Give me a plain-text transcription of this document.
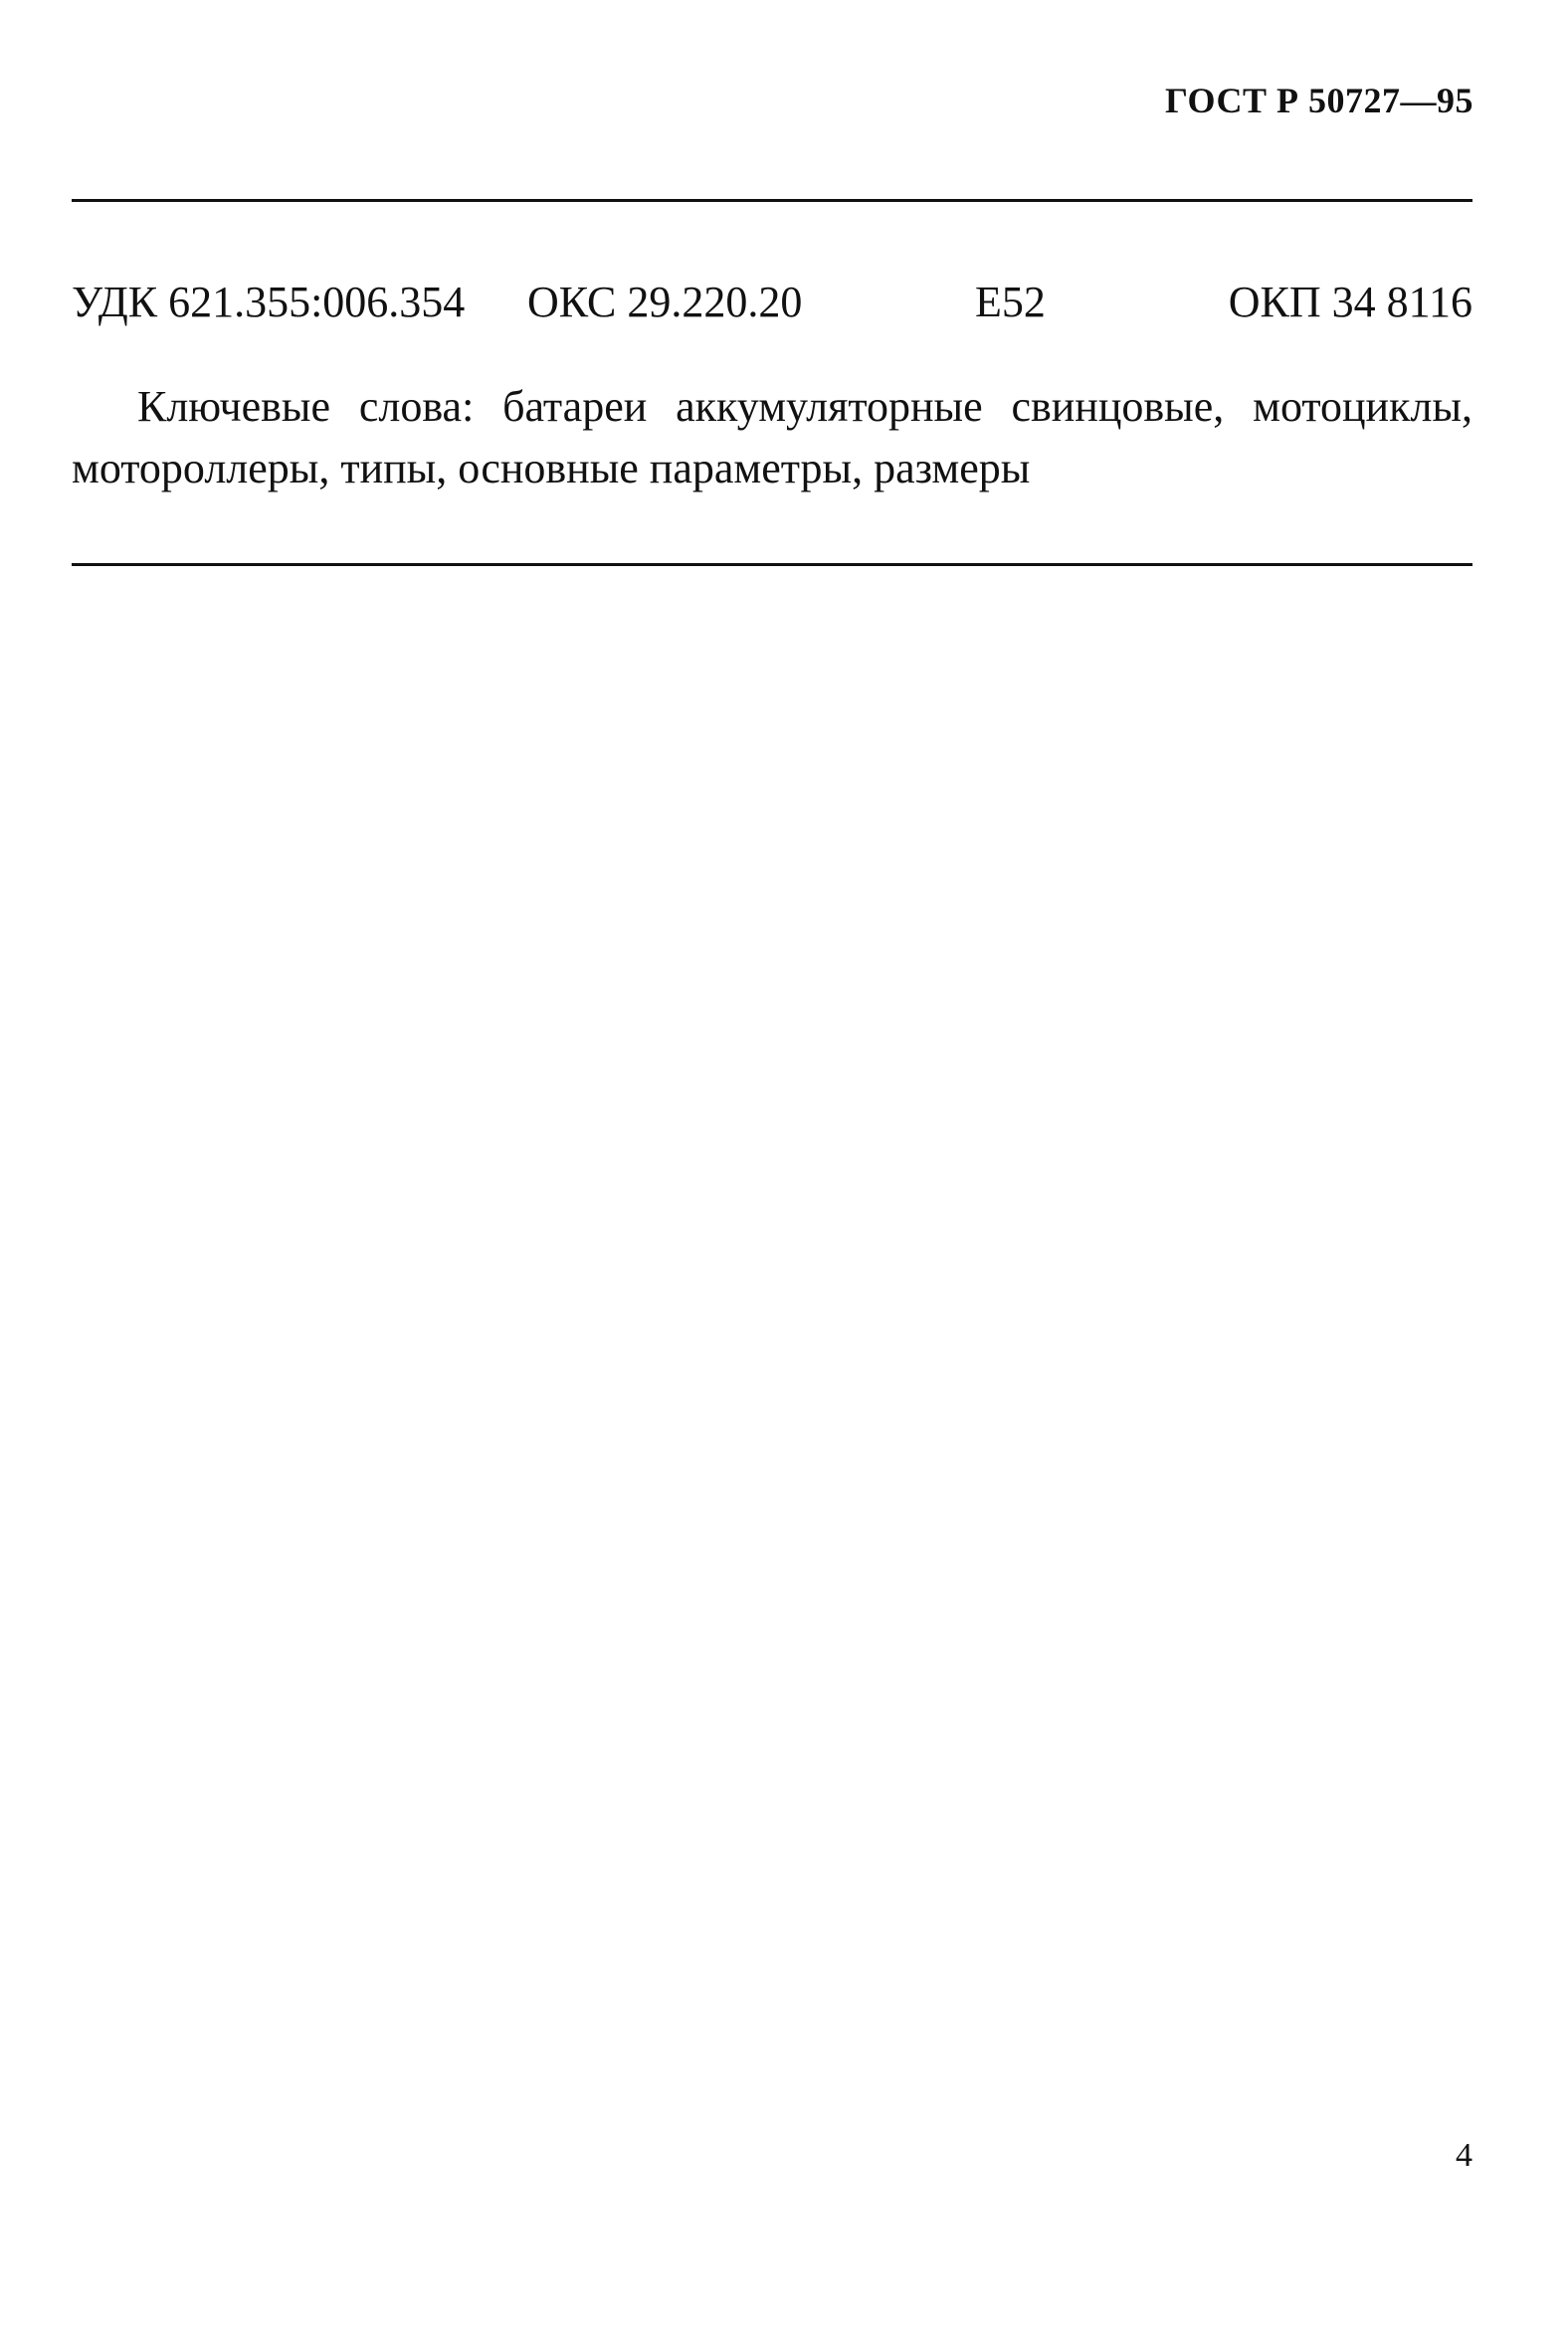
ГОСТ Р 50727—95
УДК 621.355:006.354 ОКС 29.220.20	Е52	ОКП 34 8116

Ключевые слова: батареи аккумуляторные свинцовые, мотоциклы, мотороллеры, типы, основные параметры, размеры

4
